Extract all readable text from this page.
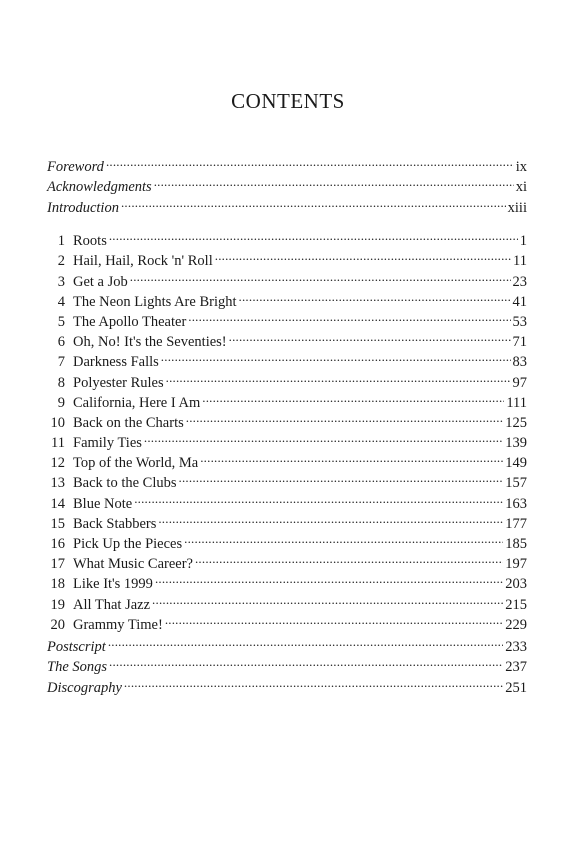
CONTENTS
Foreword .....	ix
Acknowledgments .....	xi
Introduction .....	xiii
1 Roots .....	1
2 Hail, Hail, Rock 'n' Roll .....	11
3 Get a Job .....	23
4 The Neon Lights Are Bright .....	41
5 The Apollo Theater .....	53
6 Oh, No! It's the Seventies! .....	71
7 Darkness Falls .....	83
8 Polyester Rules .....	97
9 California, Here I Am .....	111
10 Back on the Charts .....	125
11 Family Ties .....	139
12 Top of the World, Ma .....	149
13 Back to the Clubs .....	157
14 Blue Note .....	163
15 Back Stabbers .....	177
16 Pick Up the Pieces .....	185
17 What Music Career? .....	197
18 Like It's 1999 .....	203
19 All That Jazz .....	215
20 Grammy Time! .....	229
Postscript .....	233
The Songs .....	237
Discography .....	251
